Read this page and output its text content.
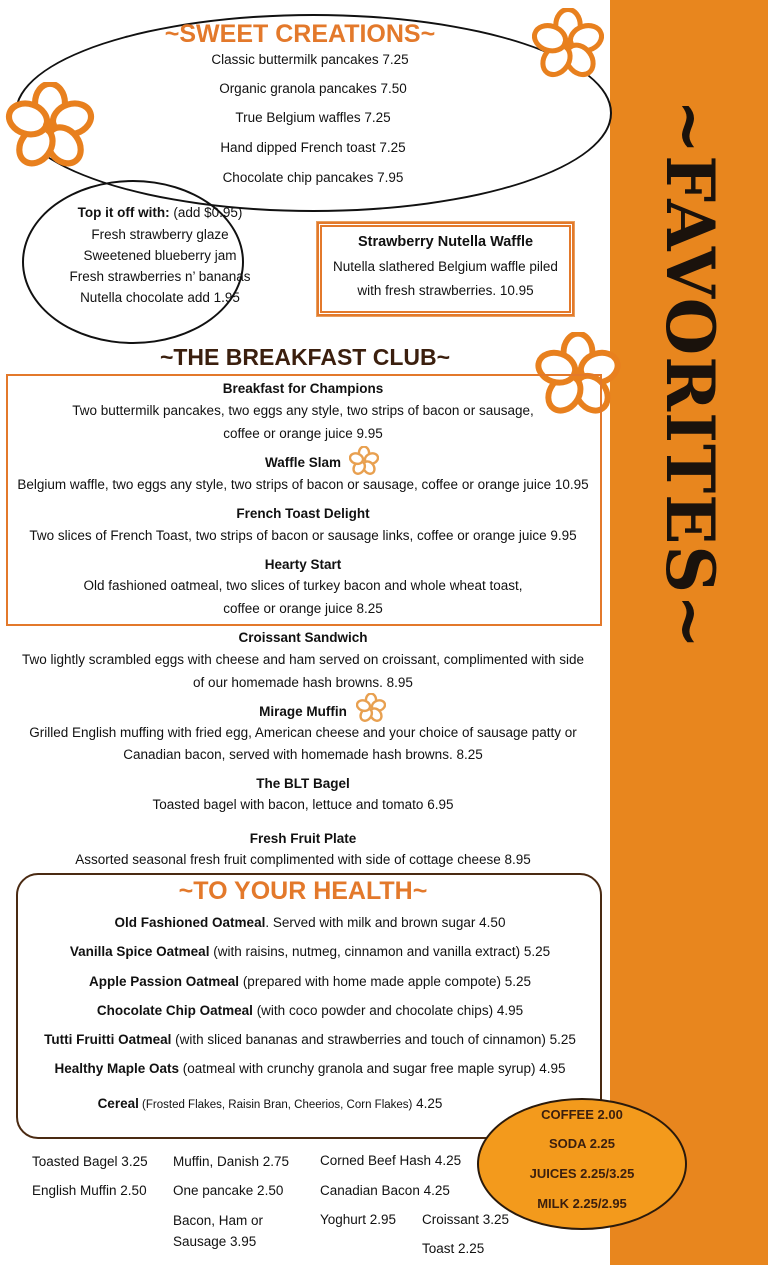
~FAVORITES~
~SWEET CREATIONS~
Classic buttermilk pancakes 7.25
Organic granola pancakes 7.50
True Belgium waffles 7.25
Hand dipped French toast 7.25
Chocolate chip pancakes 7.95
Top it off with: (add $0.95)
Fresh strawberry glaze
Sweetened blueberry jam
Fresh strawberries n’ bananas
Nutella chocolate add 1.95
Strawberry Nutella Waffle
Nutella slathered Belgium waffle piled
with fresh strawberries. 10.95
~THE BREAKFAST CLUB~
Breakfast for Champions
Two buttermilk pancakes, two eggs any style, two strips of bacon or sausage,
coffee or orange juice 9.95
Waffle Slam
Belgium waffle, two eggs any style, two strips of bacon or sausage, coffee or orange juice 10.95
French Toast Delight
Two slices of French Toast, two strips of bacon or sausage links, coffee or orange juice 9.95
Hearty Start
Old fashioned oatmeal, two slices of turkey bacon and whole wheat toast,
coffee or orange juice 8.25
Croissant Sandwich
Two lightly scrambled eggs with cheese and ham served on croissant, complimented with side
of our homemade hash browns. 8.95
Mirage Muffin
Grilled English muffing with fried egg, American cheese and your choice of sausage patty or
Canadian bacon, served with homemade hash browns. 8.25
The BLT Bagel
Toasted bagel with bacon, lettuce and tomato 6.95
Fresh Fruit Plate
Assorted seasonal fresh fruit complimented with side of cottage cheese 8.95
~TO YOUR HEALTH~
Old Fashioned Oatmeal. Served with milk and brown sugar 4.50
Vanilla Spice Oatmeal (with raisins, nutmeg, cinnamon and vanilla extract) 5.25
Apple Passion Oatmeal (prepared with home made apple compote) 5.25
Chocolate Chip Oatmeal (with coco powder and chocolate chips) 4.95
Tutti Fruitti Oatmeal (with sliced bananas and strawberries and touch of cinnamon) 5.25
Healthy Maple Oats (oatmeal with crunchy granola and sugar free maple syrup) 4.95
Cereal (Frosted Flakes, Raisin Bran, Cheerios, Corn Flakes) 4.25
Toasted Bagel 3.25
English Muffin 2.50
Muffin, Danish 2.75
One pancake 2.50
Bacon, Ham or
Sausage 3.95
Corned Beef Hash 4.25
Canadian Bacon 4.25
Yoghurt 2.95 Croissant 3.25
Toast 2.25
COFFEE 2.00
SODA 2.25
JUICES 2.25/3.25
MILK 2.25/2.95
